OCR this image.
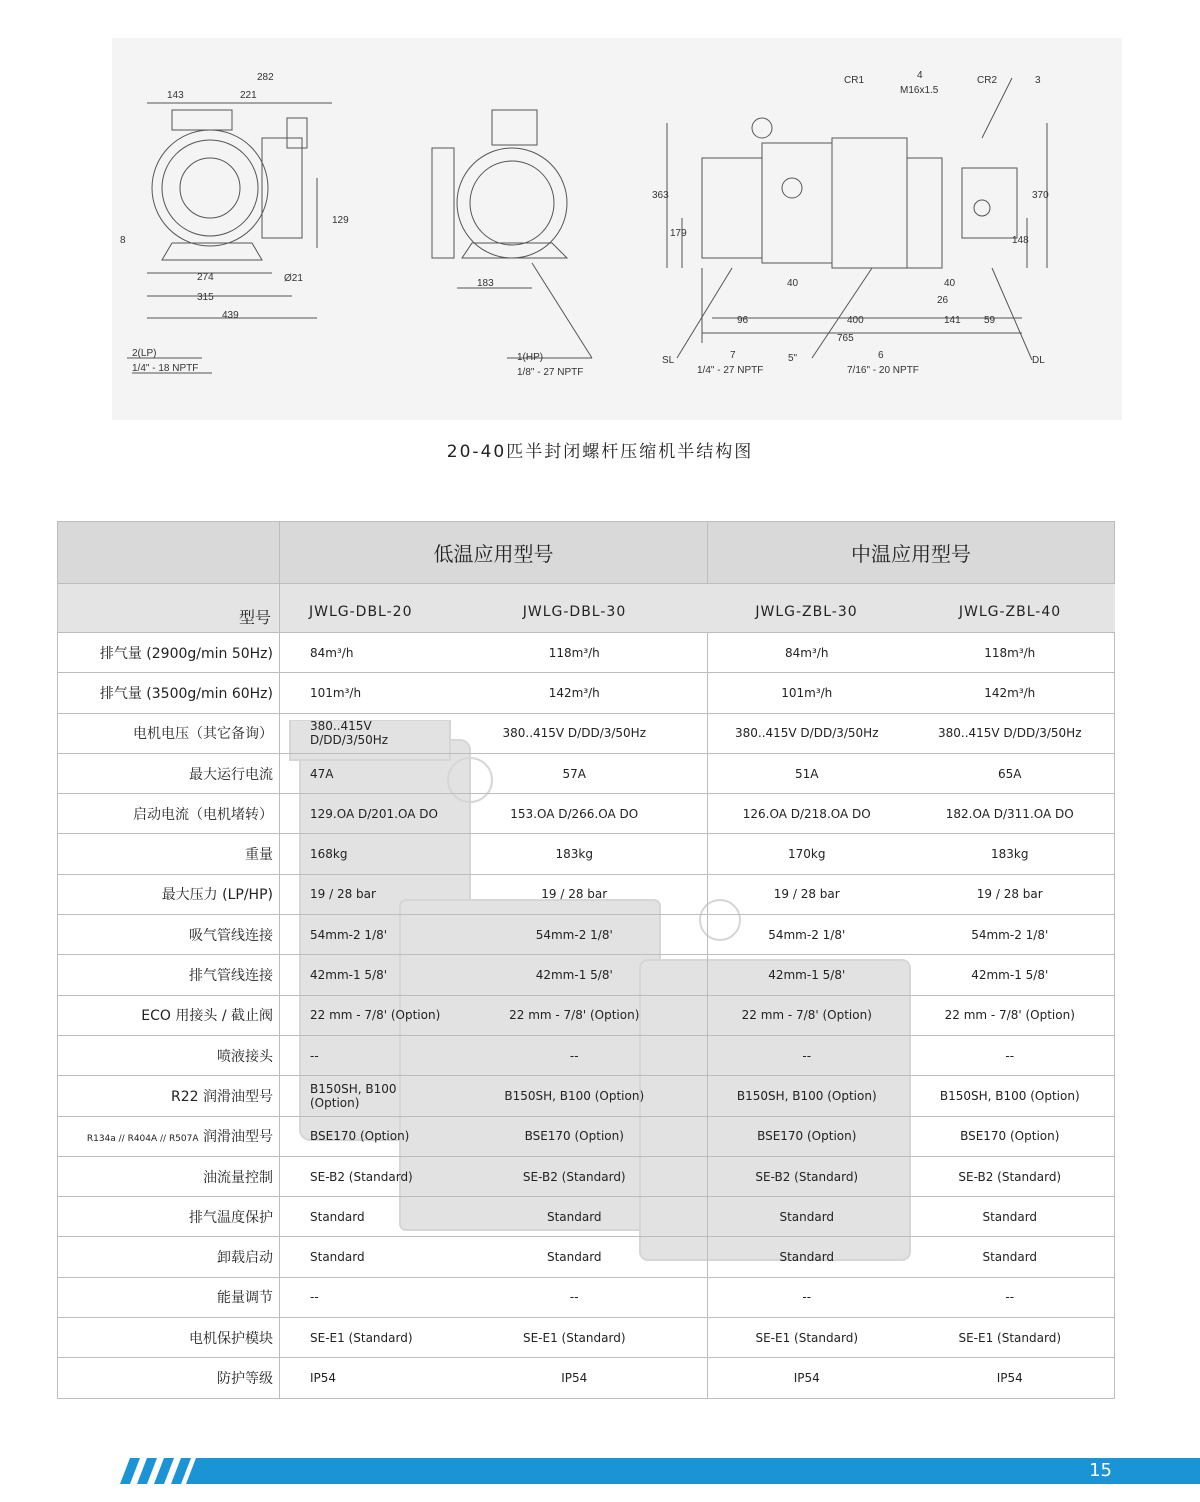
282
143	221
129
8
274
315
439
Ø21
2(LP)
1/4" - 18 NPTF
183
1(HP)
1/8" - 27 NPTF
363
179
40
96	400
765
141 59
40
26
148
370
CR1	4
M16x1.5
CR2	3
SL	7
1/4" - 27 NPTF
5"	6
7/16" - 20 NPTF
DL
20-40匹半封闭螺杆压缩机半结构图
	低温应用型号		中温应用型号	
型号	JWLG-DBL-20	JWLG-DBL-30	JWLG-ZBL-30	JWLG-ZBL-40
排气量 (2900g/min 50Hz)	84m³/h	118m³/h	84m³/h	118m³/h
排气量 (3500g/min 60Hz)	101m³/h	142m³/h	101m³/h	142m³/h
电机电压（其它备询）	380..415V D/DD/3/50Hz	380..415V D/DD/3/50Hz	380..415V D/DD/3/50Hz	380..415V D/DD/3/50Hz
最大运行电流	47A	57A	51A	65A
启动电流（电机堵转）	129.OA D/201.OA DO	153.OA D/266.OA DO	126.OA D/218.OA DO	182.OA D/311.OA DO
重量	168kg	183kg	170kg	183kg
最大压力 (LP/HP)	19 / 28 bar	19 / 28 bar	19 / 28 bar	19 / 28 bar
吸气管线连接	54mm-2 1/8'	54mm-2 1/8'	54mm-2 1/8'	54mm-2 1/8'
排气管线连接	42mm-1 5/8'	42mm-1 5/8'	42mm-1 5/8'	42mm-1 5/8'
ECO 用接头 / 截止阀	22 mm - 7/8' (Option)	22 mm - 7/8' (Option)	22 mm - 7/8' (Option)	22 mm - 7/8' (Option)
喷液接头	--	--	--	--
R22 润滑油型号	B150SH, B100 (Option)	B150SH, B100 (Option)	B150SH, B100 (Option)	B150SH, B100 (Option)
R134a // R404A // R507A 润滑油型号	BSE170 (Option)	BSE170 (Option)	BSE170 (Option)	BSE170 (Option)
油流量控制	SE-B2 (Standard)	SE-B2 (Standard)	SE-B2 (Standard)	SE-B2 (Standard)
排气温度保护	Standard	Standard	Standard	Standard
卸载启动	Standard	Standard	Standard	Standard
能量调节	--	--	--	--
电机保护模块	SE-E1 (Standard)	SE-E1 (Standard)	SE-E1 (Standard)	SE-E1 (Standard)
防护等级	IP54	IP54	IP54	IP54
15
